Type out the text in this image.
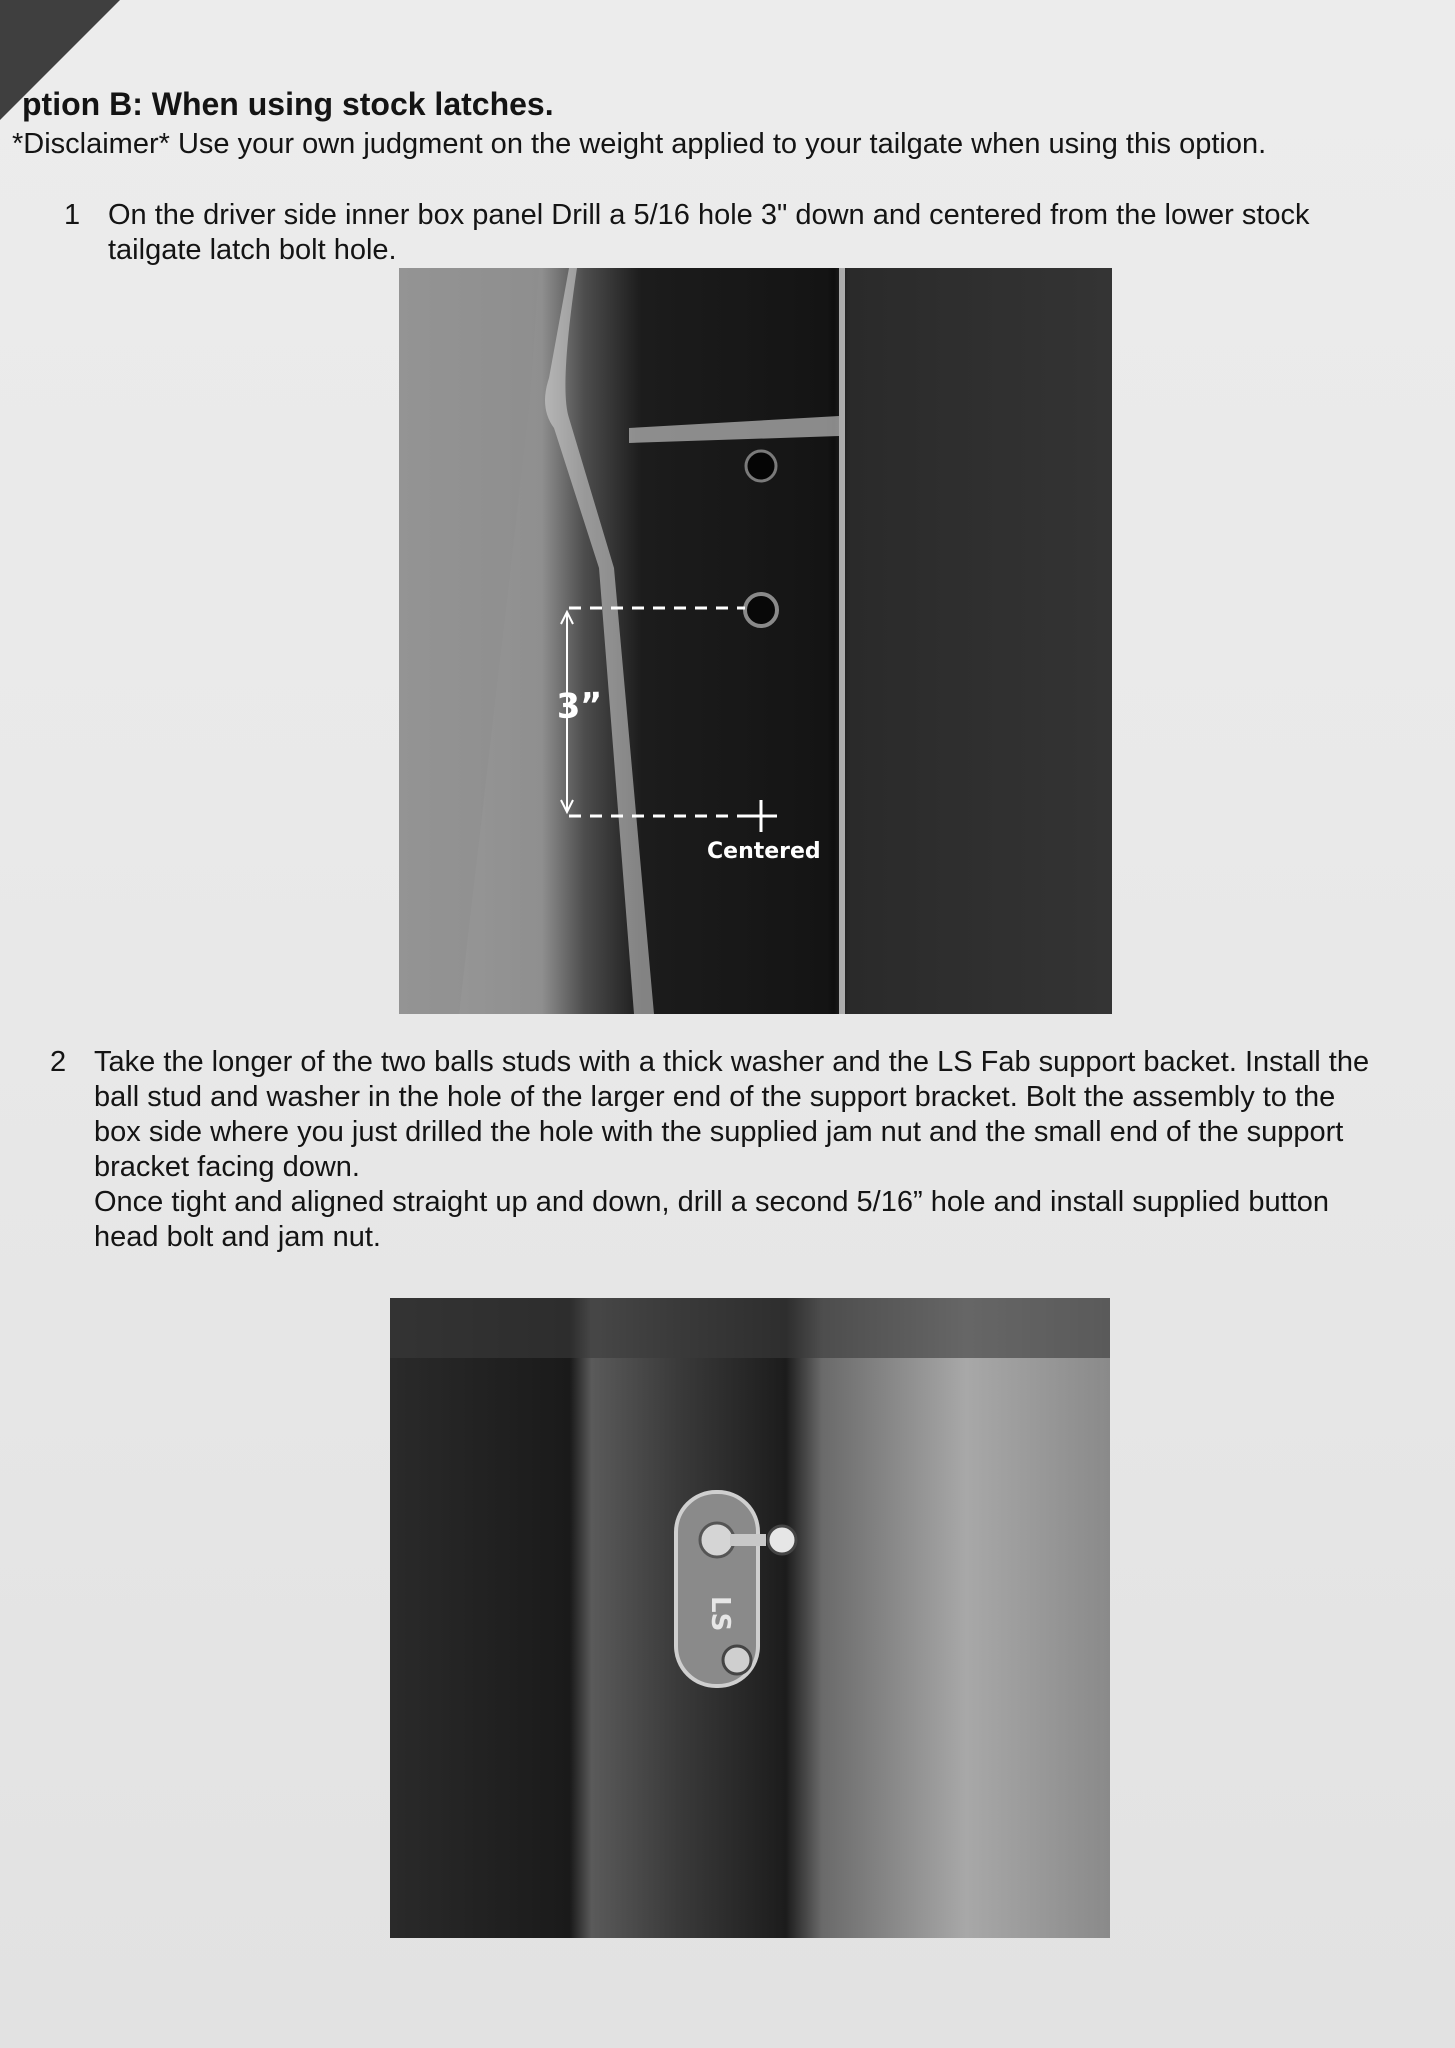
ption B: When using stock latches.
*Disclaimer* Use your own judgment on the weight applied to your tailgate when using this option.
1 On the driver side inner box panel Drill a 5/16 hole 3" down and centered from the lower stock tailgate latch bolt hole.
3”
Centered
2 Take the longer of the two balls studs with a thick washer and the LS Fab support backet. Install the ball stud and washer in the hole of the larger end of the support bracket. Bolt the assembly to the box side where you just drilled the hole with the supplied jam nut and the small end of the support bracket facing down.

Once tight and aligned straight up and down, drill a second 5/16” hole and install supplied button head bolt and jam nut.

LS
